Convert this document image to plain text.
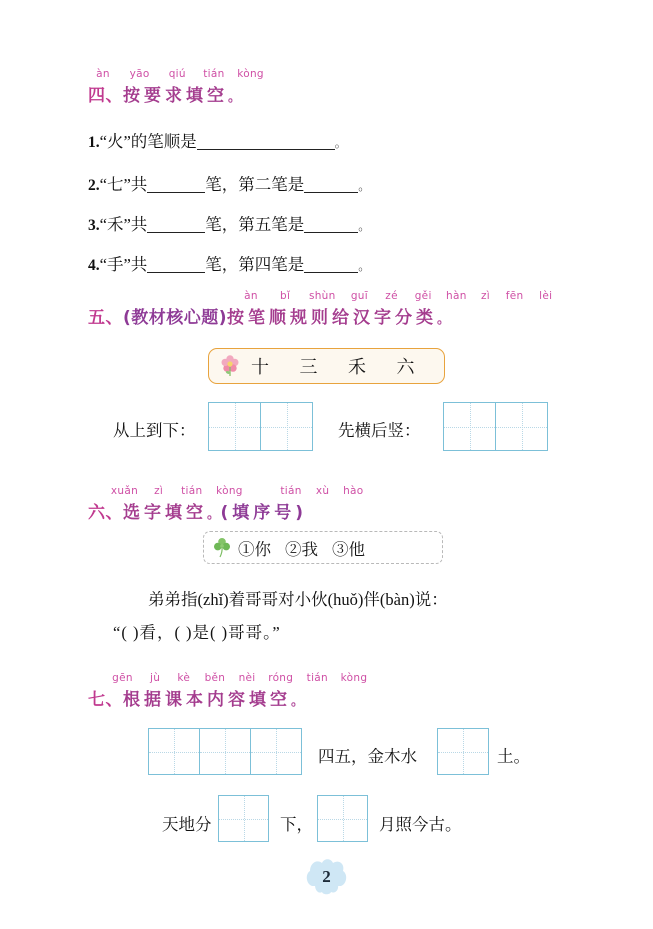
àn yāo qiú tián kòng
四、按要求填空。
1.“火”的笔顺是	。
2.“七”共	笔，第二笔是	。
3.“禾”共	笔，第五笔是	。
4.“手”共	笔，第四笔是	。
àn bǐ shùn guī zé gěi hàn zì fēn lèi
五、(教材核心题)按笔顺规则给汉字分类。
十 三 禾 六
从上到下：	先横后竖：
xuǎn zì tián kòng	tián xù hào
六、选字填空。(填序号)
①你 ②我 ③他
弟弟指(zhǐ)着哥哥对小伙(huǒ)伴(bàn)说：
“( )看，( )是( )哥哥。”
gēn jù kè běn nèi róng tián kòng
七、根据课本内容填空。
四五，金木水	土。
天地分	下，	月照今古。
2
